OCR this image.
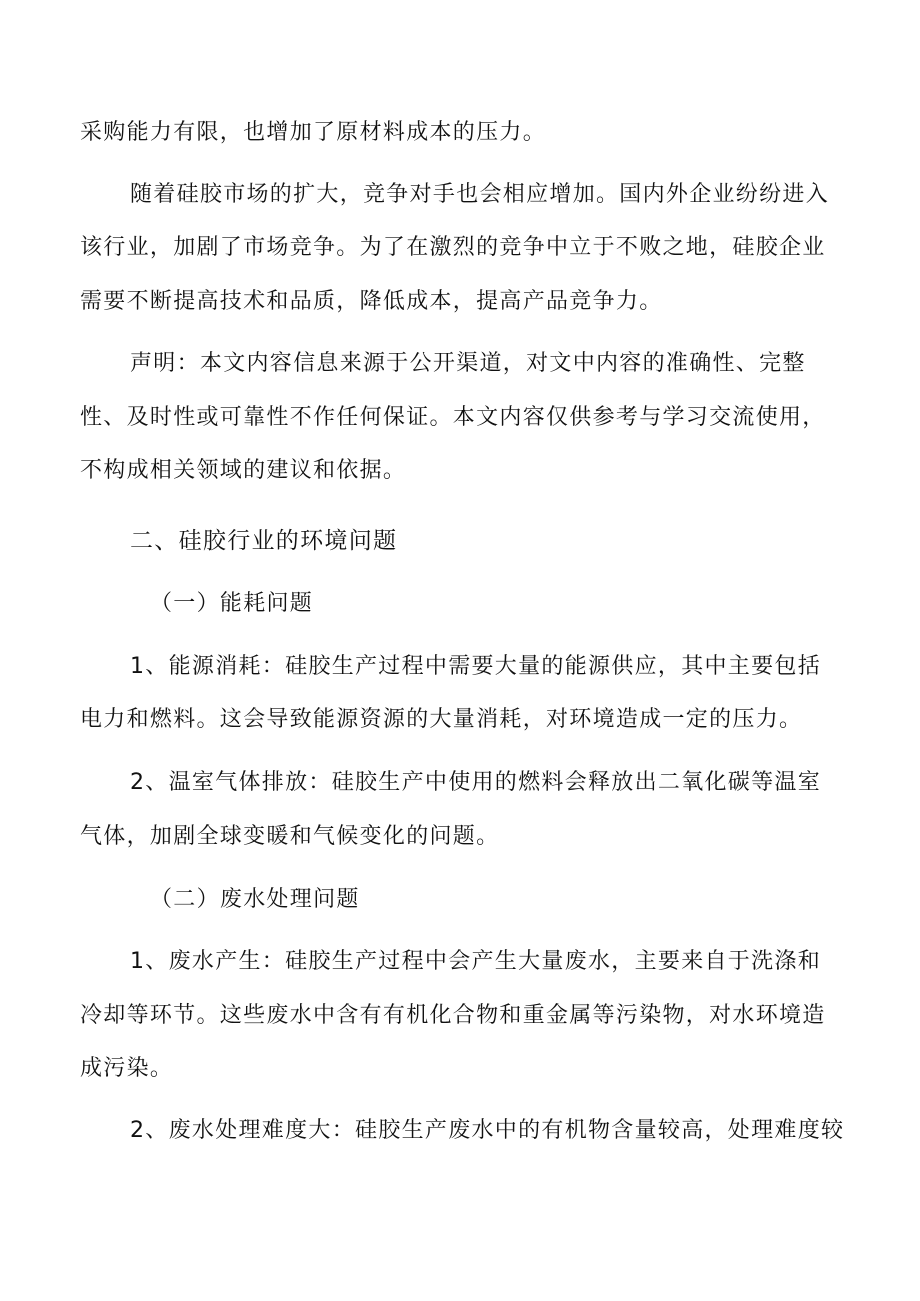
采购能力有限，也增加了原材料成本的压力。
随着硅胶市场的扩大，竞争对手也会相应增加。国内外企业纷纷进入
该行业，加剧了市场竞争。为了在激烈的竞争中立于不败之地，硅胶企业
需要不断提高技术和品质，降低成本，提高产品竞争力。
声明：本文内容信息来源于公开渠道，对文中内容的准确性、完整
性、及时性或可靠性不作任何保证。本文内容仅供参考与学习交流使用，
不构成相关领域的建议和依据。
二、硅胶行业的环境问题
（一）能耗问题
1、能源消耗：硅胶生产过程中需要大量的能源供应，其中主要包括
电力和燃料。这会导致能源资源的大量消耗，对环境造成一定的压力。
2、温室气体排放：硅胶生产中使用的燃料会释放出二氧化碳等温室
气体，加剧全球变暖和气候变化的问题。
（二）废水处理问题
1、废水产生：硅胶生产过程中会产生大量废水，主要来自于洗涤和
冷却等环节。这些废水中含有有机化合物和重金属等污染物，对水环境造
成污染。
2、废水处理难度大：硅胶生产废水中的有机物含量较高，处理难度较
